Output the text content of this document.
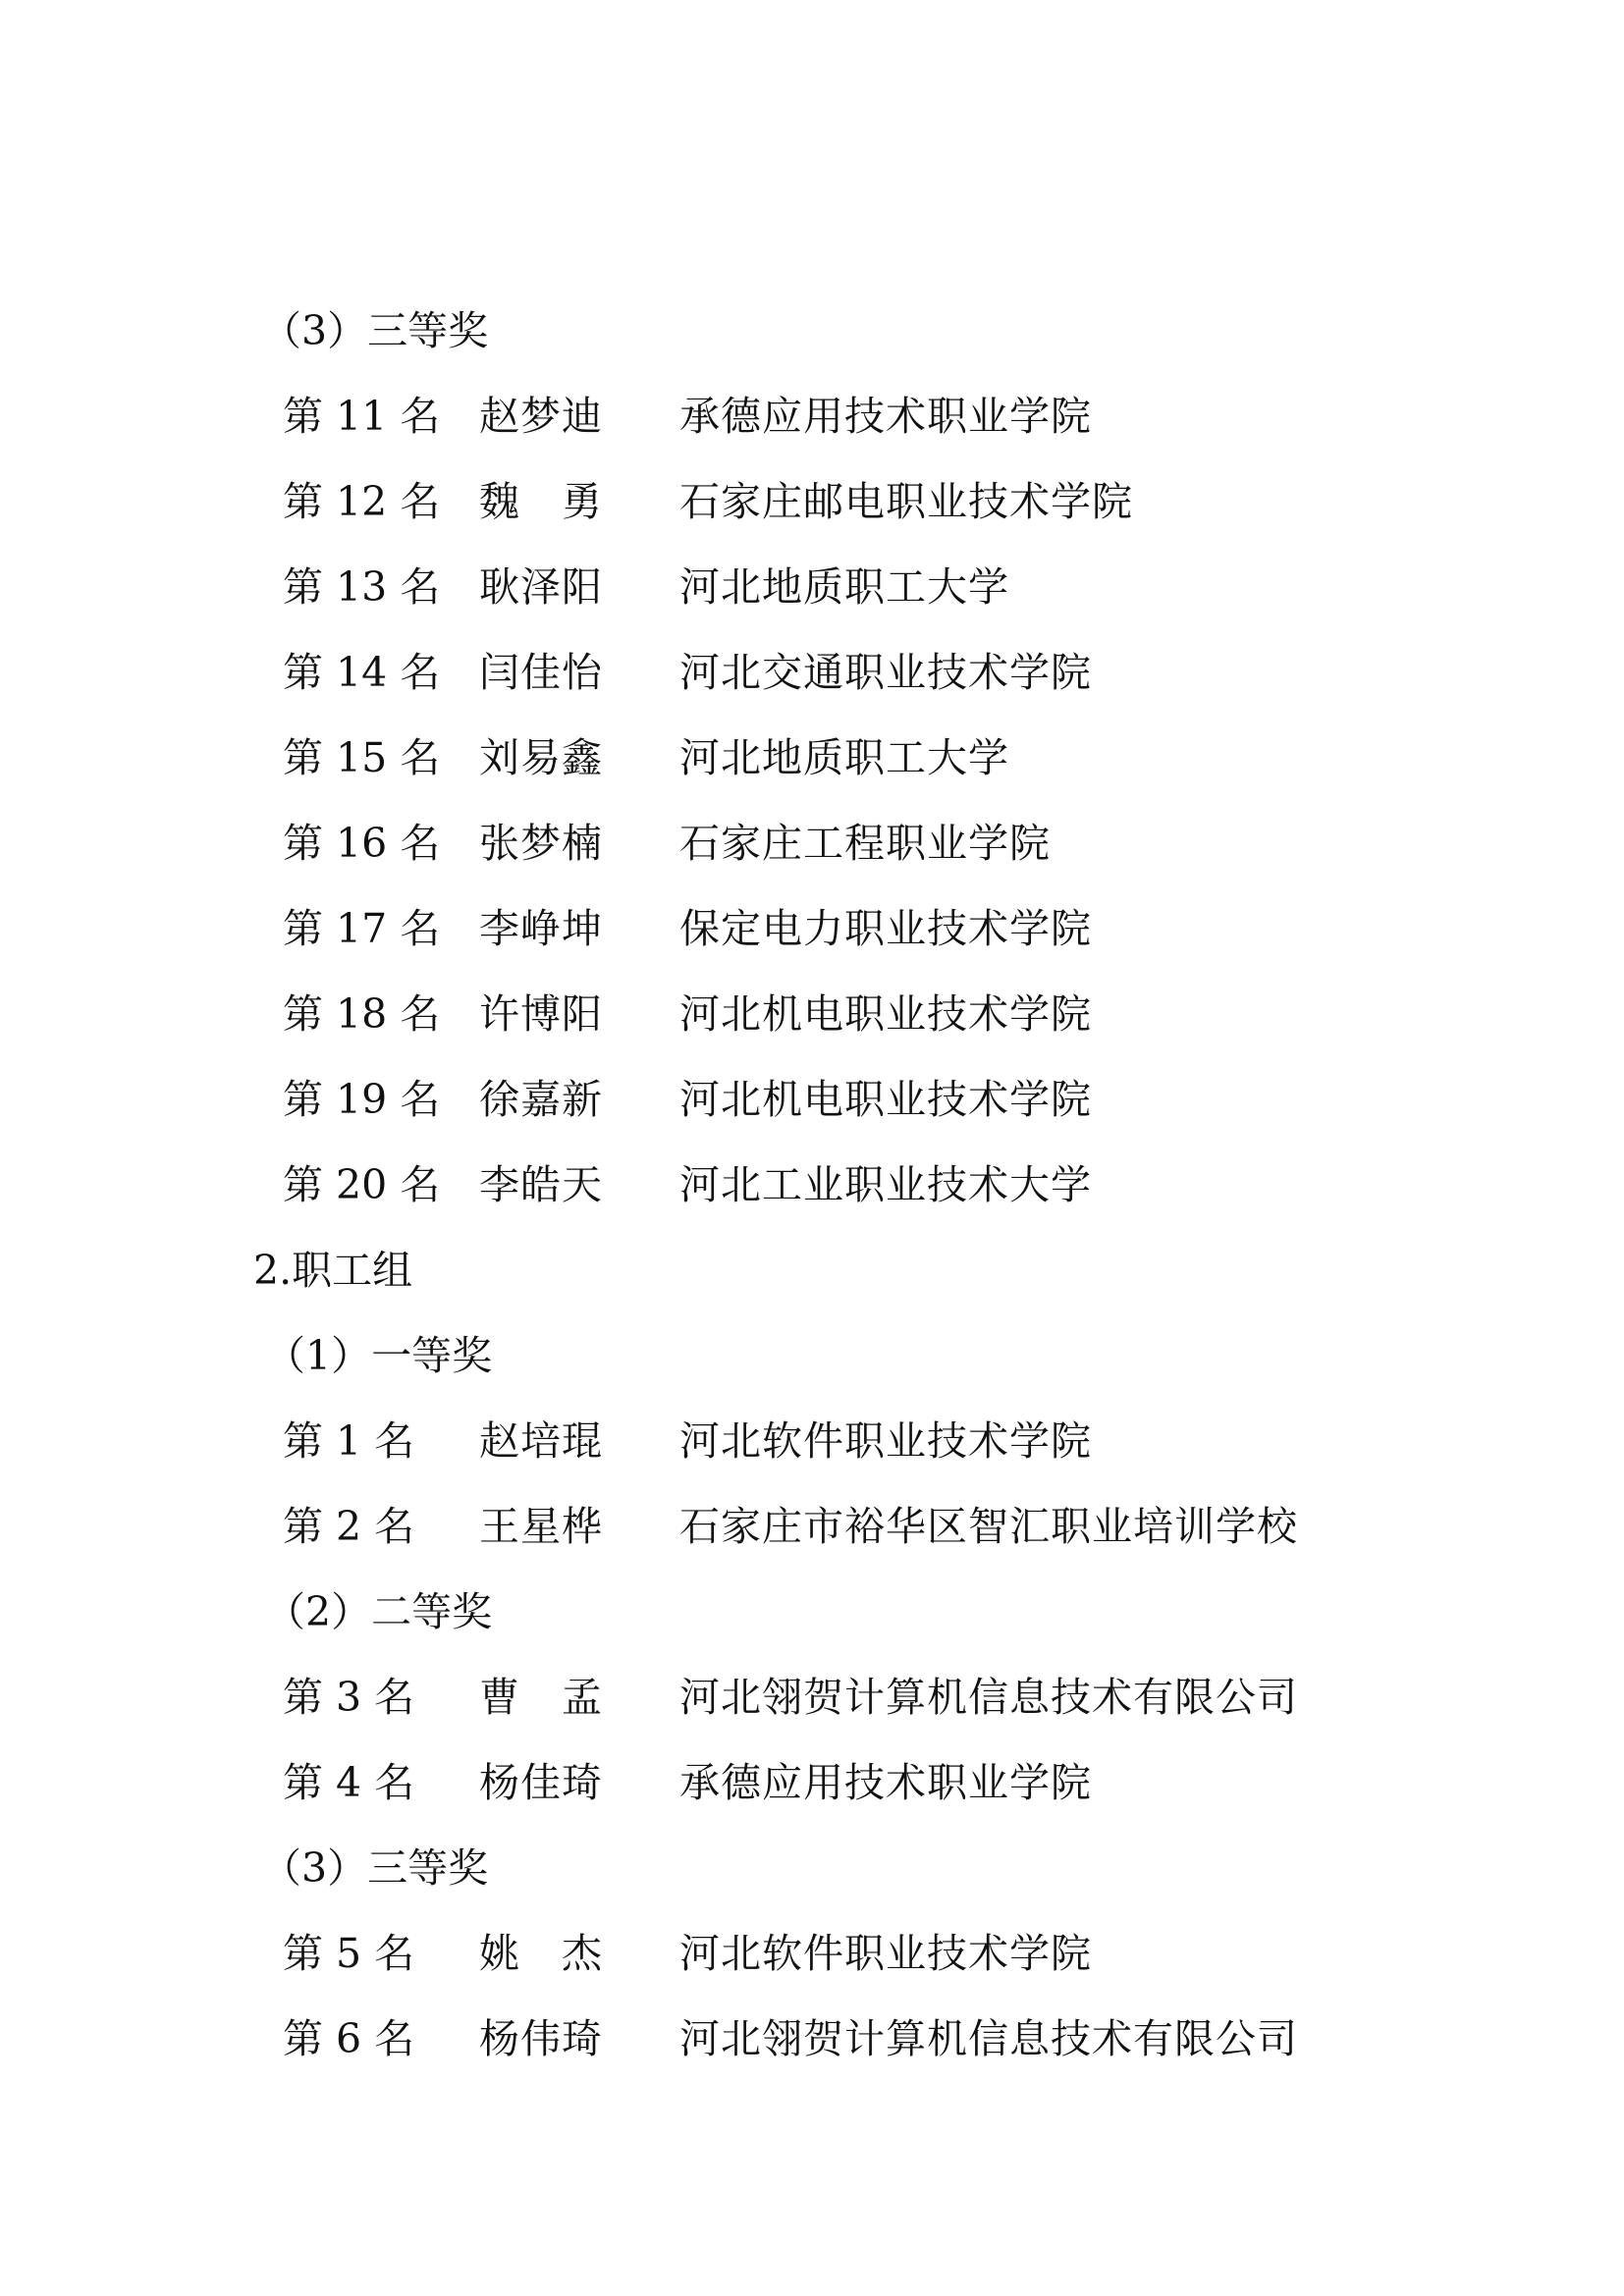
（3）三等奖
第 11 名 赵梦迪 承德应用技术职业学院
第 12 名 魏　勇 石家庄邮电职业技术学院
第 13 名 耿泽阳 河北地质职工大学
第 14 名 闫佳怡 河北交通职业技术学院
第 15 名 刘易鑫 河北地质职工大学
第 16 名 张梦楠 石家庄工程职业学院
第 17 名 李峥坤 保定电力职业技术学院
第 18 名 许博阳 河北机电职业技术学院
第 19 名 徐嘉新 河北机电职业技术学院
第 20 名 李皓天 河北工业职业技术大学
2.职工组
（1）一等奖
第 1 名 赵培琨 河北软件职业技术学院
第 2 名 王星桦 石家庄市裕华区智汇职业培训学校
（2）二等奖
第 3 名 曹　孟 河北翎贺计算机信息技术有限公司
第 4 名 杨佳琦 承德应用技术职业学院
（3）三等奖
第 5 名 姚　杰 河北软件职业技术学院
第 6 名 杨伟琦 河北翎贺计算机信息技术有限公司
